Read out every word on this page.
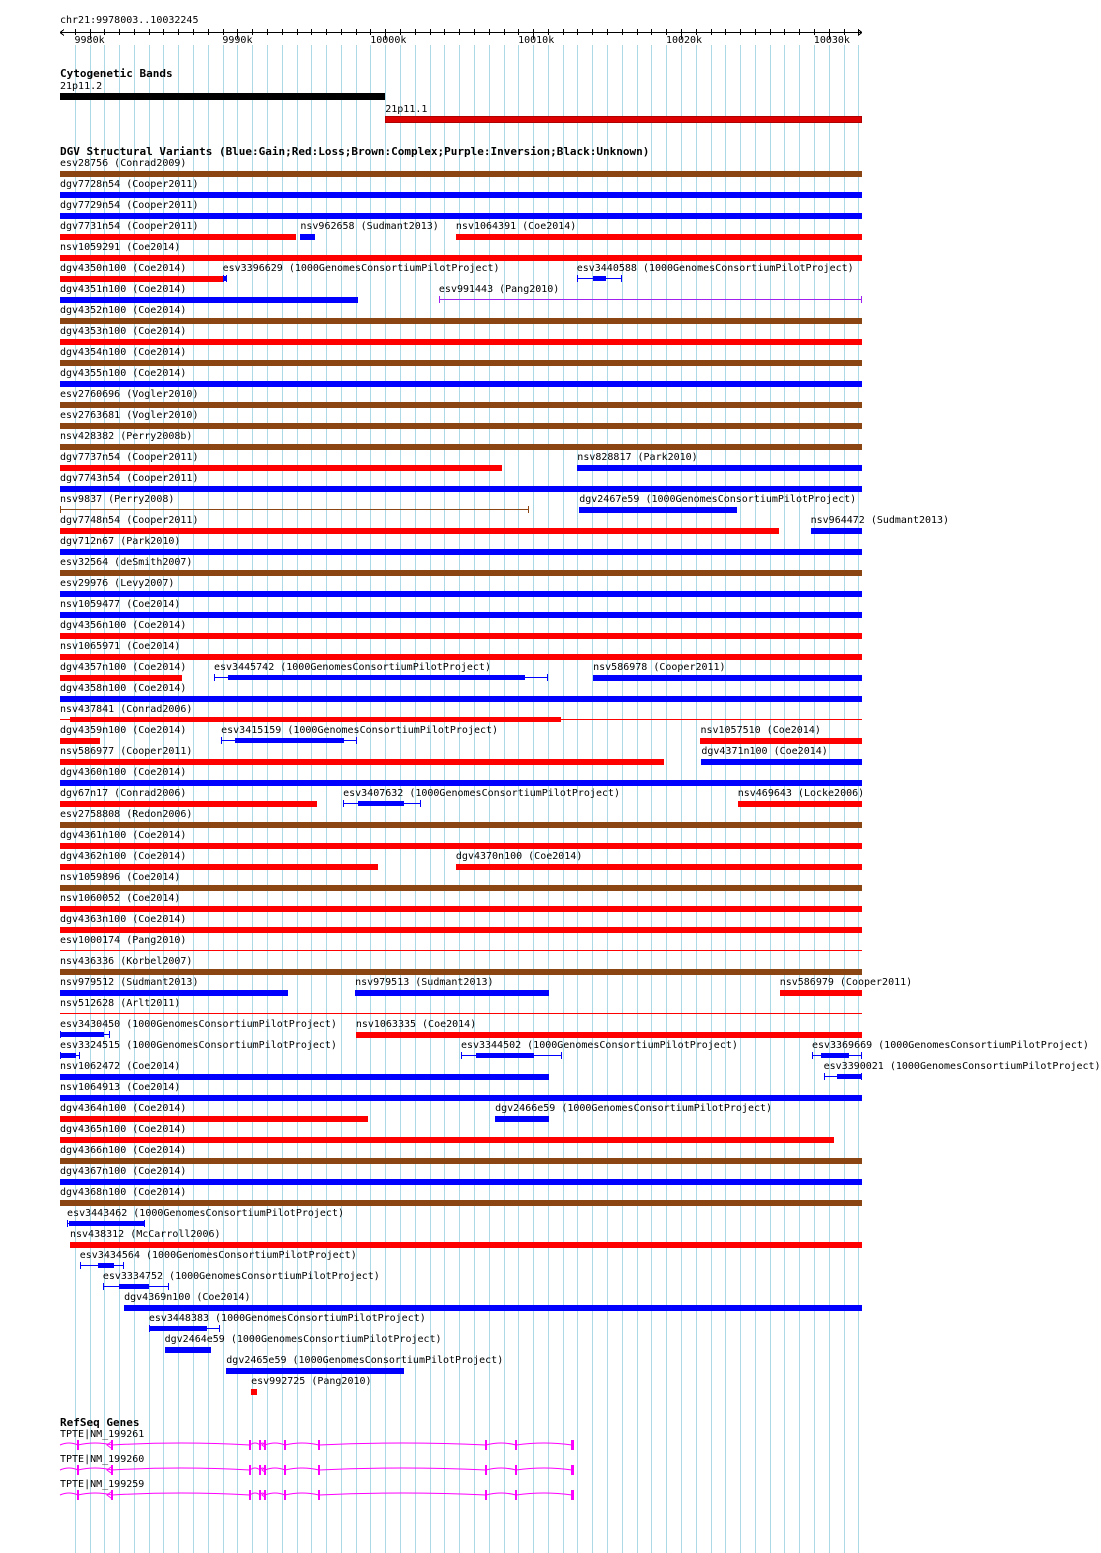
chr21:9978003..10032245
9980k	9990k	10000k	10010k	10020k	10030k
Cytogenetic Bands
21p11.2
21p11.1
DGV Structural Variants (Blue:Gain;Red:Loss;Brown:Complex;Purple:Inversion;Black:Unknown)
esv28756 (Conrad2009)
dgv7728n54 (Cooper2011)
dgv7729n54 (Cooper2011)
dgv7731n54 (Cooper2011)	nsv962658 (Sudmant2013) nsv1064391 (Coe2014)
nsv1059291 (Coe2014)
dgv4350n100 (Coe2014)	esv3396629 (1000GenomesConsortiumPilotProject)	esv3440588 (1000GenomesConsortiumPilotProject)
dgv4351n100 (Coe2014)	esv991443 (Pang2010)
dgv4352n100 (Coe2014)
dgv4353n100 (Coe2014)
dgv4354n100 (Coe2014)
dgv4355n100 (Coe2014)
esv2760696 (Vogler2010)
esv2763681 (Vogler2010)
nsv428382 (Perry2008b)
dgv7737n54 (Cooper2011)	nsv828817 (Park2010)
dgv7743n54 (Cooper2011)
nsv9837 (Perry2008)	dgv2467e59 (1000GenomesConsortiumPilotProject)
dgv7748n54 (Cooper2011)	nsv964472 (Sudmant2013)
dgv712n67 (Park2010)
esv32564 (deSmith2007)
esv29976 (Levy2007)
nsv1059477 (Coe2014)
dgv4356n100 (Coe2014)
nsv1065971 (Coe2014)
dgv4357n100 (Coe2014)	esv3445742 (1000GenomesConsortiumPilotProject)	nsv586978 (Cooper2011)
dgv4358n100 (Coe2014)
nsv437841 (Conrad2006)
dgv4359n100 (Coe2014)	esv3415159 (1000GenomesConsortiumPilotProject)	nsv1057510 (Coe2014)
nsv586977 (Cooper2011)	dgv4371n100 (Coe2014)
dgv4360n100 (Coe2014)
dgv67n17 (Conrad2006)	esv3407632 (1000GenomesConsortiumPilotProject)	nsv469643 (Locke2006)
esv2758808 (Redon2006)
dgv4361n100 (Coe2014)
dgv4362n100 (Coe2014)	dgv4370n100 (Coe2014)
nsv1059896 (Coe2014)
nsv1060052 (Coe2014)
dgv4363n100 (Coe2014)
esv1000174 (Pang2010)
nsv436336 (Korbel2007)
nsv979512 (Sudmant2013)	nsv979513 (Sudmant2013)	nsv586979 (Cooper2011)
nsv512628 (Arlt2011)
esv3430450 (1000GenomesConsortiumPilotProject) nsv1063335 (Coe2014)
esv3324515 (1000GenomesConsortiumPilotProject)	esv3344502 (1000GenomesConsortiumPilotProject)	esv3369669 (1000GenomesConsortiumPilotProject)
nsv1062472 (Coe2014)	esv3390021 (1000GenomesConsortiumPilotProject)
nsv1064913 (Coe2014)
dgv4364n100 (Coe2014)	dgv2466e59 (1000GenomesConsortiumPilotProject)
dgv4365n100 (Coe2014)
dgv4366n100 (Coe2014)
dgv4367n100 (Coe2014)
dgv4368n100 (Coe2014)
esv3443462 (1000GenomesConsortiumPilotProject)
nsv438312 (McCarroll2006)
esv3434564 (1000GenomesConsortiumPilotProject)
esv3334752 (1000GenomesConsortiumPilotProject)
dgv4369n100 (Coe2014)
esv3448383 (1000GenomesConsortiumPilotProject)
dgv2464e59 (1000GenomesConsortiumPilotProject)
dgv2465e59 (1000GenomesConsortiumPilotProject)
esv992725 (Pang2010)
RefSeq Genes
TPTE|NM_199261
TPTE|NM_199260
TPTE|NM_199259
